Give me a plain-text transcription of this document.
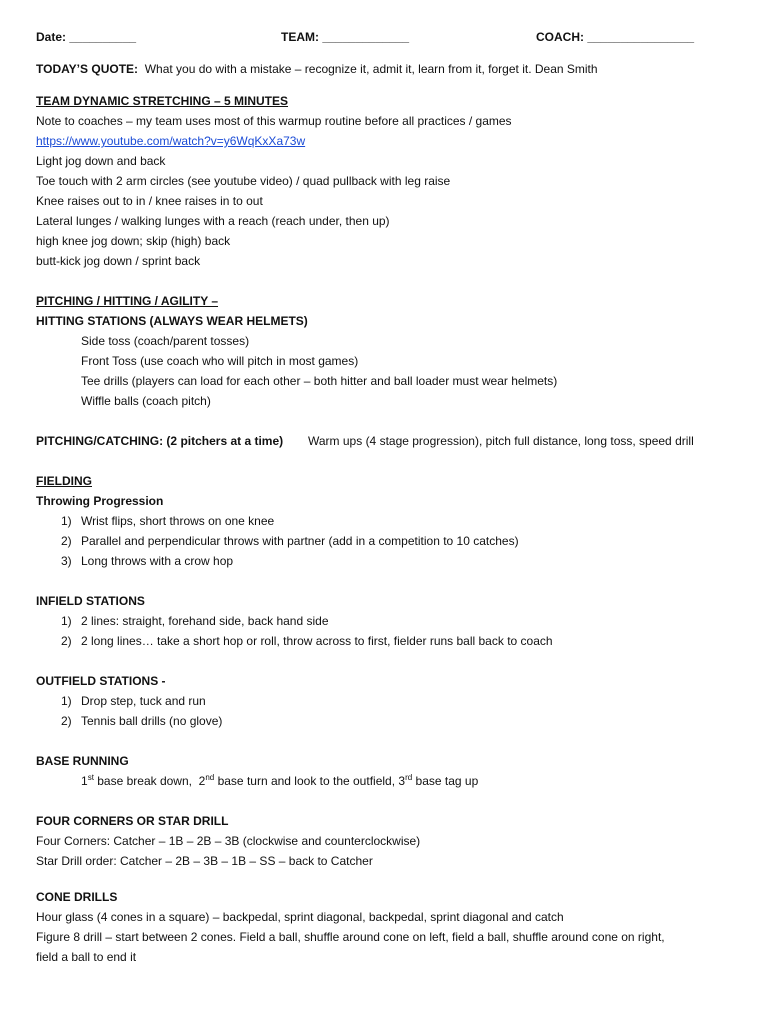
Date: __________	TEAM: _____________	COACH: ________________
TODAY’S QUOTE: What you do with a mistake – recognize it, admit it, learn from it, forget it. Dean Smith
TEAM DYNAMIC STRETCHING – 5 MINUTES
Note to coaches – my team uses most of this warmup routine before all practices / games
https://www.youtube.com/watch?v=y6WqKxXa73w
Light jog down and back
Toe touch with 2 arm circles (see youtube video) / quad pullback with leg raise
Knee raises out to in / knee raises in to out
Lateral lunges / walking lunges with a reach (reach under, then up)
high knee jog down; skip (high) back
butt-kick jog down / sprint back
PITCHING / HITTING / AGILITY –
HITTING STATIONS (ALWAYS WEAR HELMETS)
Side toss (coach/parent tosses)
Front Toss (use coach who will pitch in most games)
Tee drills (players can load for each other – both hitter and ball loader must wear helmets)
Wiffle balls (coach pitch)
PITCHING/CATCHING: (2 pitchers at a time)	Warm ups (4 stage progression), pitch full distance, long toss, speed drill
FIELDING
Throwing Progression
1) Wrist flips, short throws on one knee
2) Parallel and perpendicular throws with partner (add in a competition to 10 catches)
3) Long throws with a crow hop
INFIELD STATIONS
1) 2 lines: straight, forehand side, back hand side
2) 2 long lines… take a short hop or roll, throw across to first, fielder runs ball back to coach
OUTFIELD STATIONS -
1) Drop step, tuck and run
2) Tennis ball drills (no glove)
BASE RUNNING
1st base break down,  2nd base turn and look to the outfield, 3rd base tag up
FOUR CORNERS OR STAR DRILL
Four Corners: Catcher – 1B – 2B – 3B (clockwise and counterclockwise)
Star Drill order: Catcher – 2B – 3B – 1B – SS – back to Catcher
CONE DRILLS
Hour glass (4 cones in a square) – backpedal, sprint diagonal, backpedal, sprint diagonal and catch
Figure 8 drill – start between 2 cones. Field a ball, shuffle around cone on left, field a ball, shuffle around cone on right,
field a ball to end it
